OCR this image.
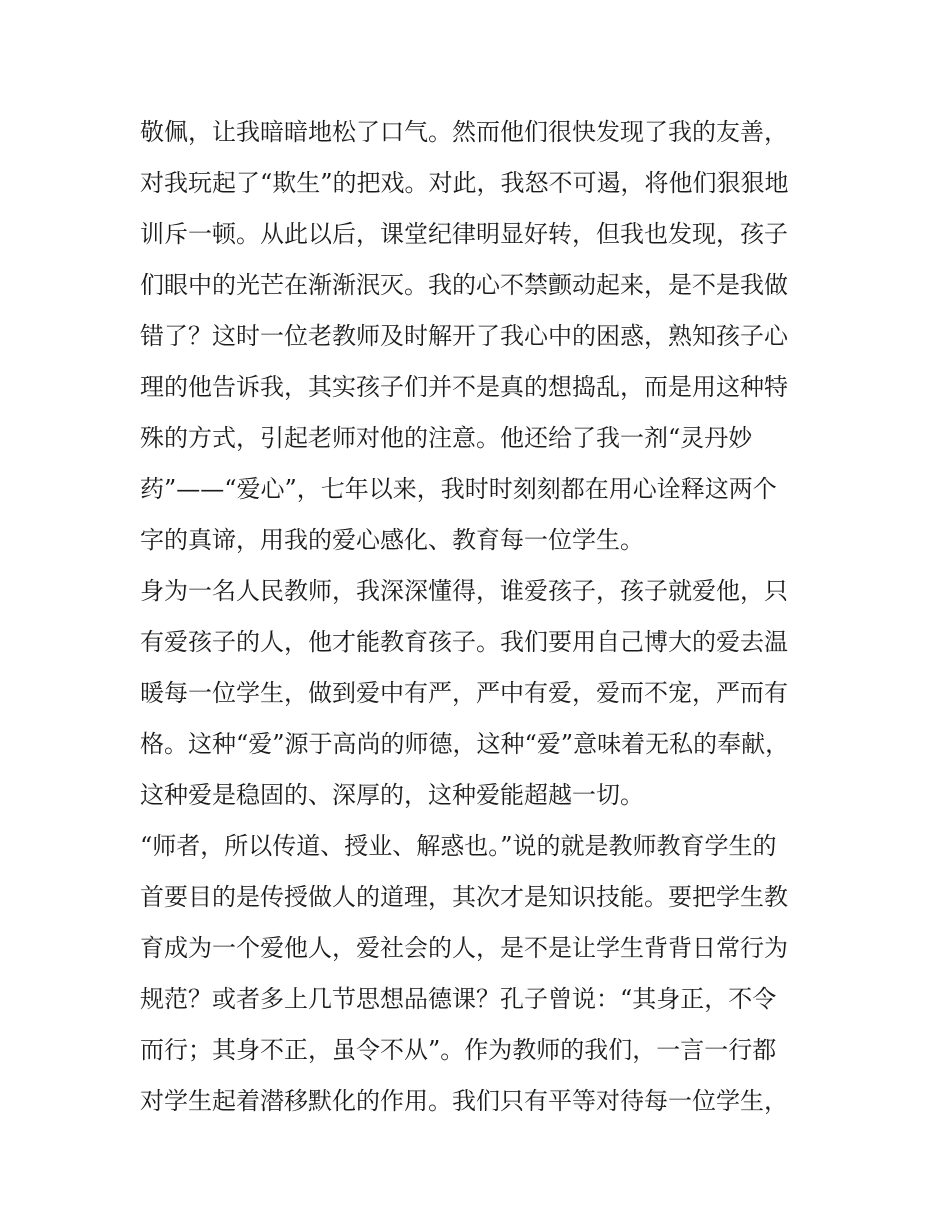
敬佩，让我暗暗地松了口气。然而他们很快发现了我的友善，
对我玩起了“欺生”的把戏。对此，我怒不可遏，将他们狠狠地
训斥一顿。从此以后，课堂纪律明显好转，但我也发现，孩子
们眼中的光芒在渐渐泯灭。我的心不禁颤动起来，是不是我做
错了？这时一位老教师及时解开了我心中的困惑，熟知孩子心
理的他告诉我，其实孩子们并不是真的想捣乱，而是用这种特
殊的方式，引起老师对他的注意。他还给了我一剂“灵丹妙
药”——“爱心”，七年以来，我时时刻刻都在用心诠释这两个
字的真谛，用我的爱心感化、教育每一位学生。
身为一名人民教师，我深深懂得，谁爱孩子，孩子就爱他，只
有爱孩子的人，他才能教育孩子。我们要用自己博大的爱去温
暖每一位学生，做到爱中有严，严中有爱，爱而不宠，严而有
格。这种“爱”源于高尚的师德，这种“爱”意味着无私的奉献，
这种爱是稳固的、深厚的，这种爱能超越一切。
“师者，所以传道、授业、解惑也。”说的就是教师教育学生的
首要目的是传授做人的道理，其次才是知识技能。要把学生教
育成为一个爱他人，爱社会的人，是不是让学生背背日常行为
规范？或者多上几节思想品德课？孔子曾说：“其身正，不令
而行；其身不正，虽令不从”。作为教师的我们，一言一行都
对学生起着潜移默化的作用。我们只有平等对待每一位学生，
